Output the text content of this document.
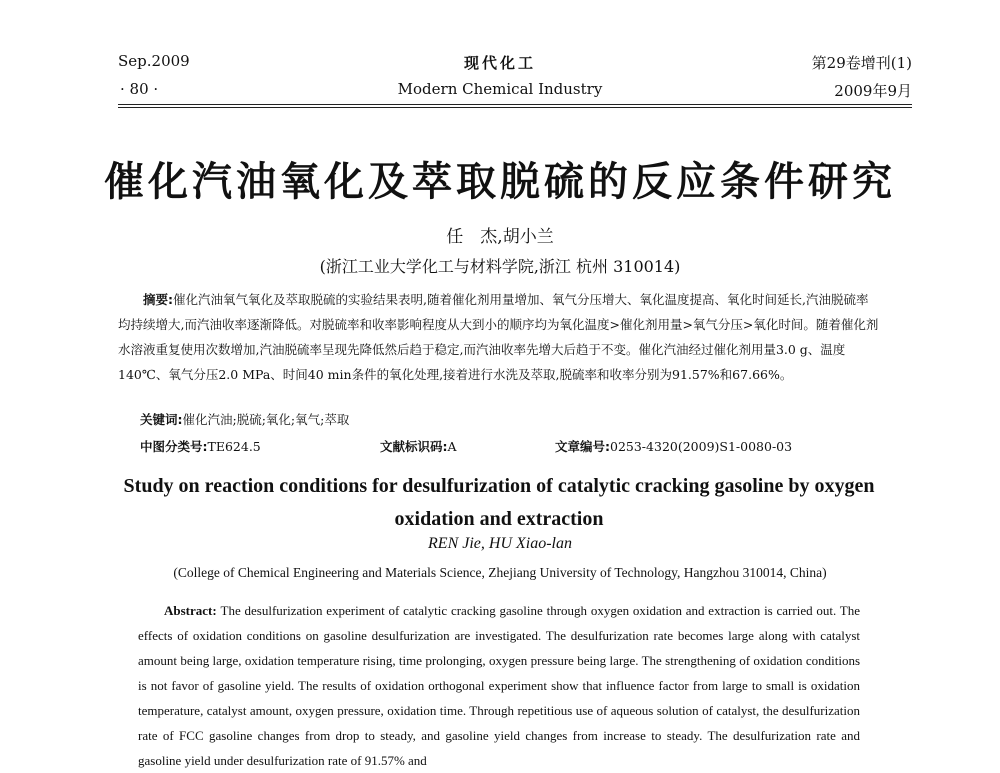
Sep.2009
· 80 ·
现代化工
Modern Chemical Industry
第29卷增刊(1)
2009年9月
催化汽油氧化及萃取脱硫的反应条件研究
任　杰,胡小兰
(浙江工业大学化工与材料学院,浙江 杭州 310014)
摘要:催化汽油氧气氧化及萃取脱硫的实验结果表明,随着催化剂用量增加、氧气分压增大、氧化温度提高、氧化时间延长,汽油脱硫率均持续增大,而汽油收率逐渐降低。对脱硫率和收率影响程度从大到小的顺序均为氧化温度>催化剂用量>氧气分压>氧化时间。随着催化剂水溶液重复使用次数增加,汽油脱硫率呈现先降低然后趋于稳定,而汽油收率先增大后趋于不变。催化汽油经过催化剂用量3.0 g、温度140℃、氧气分压2.0 MPa、时间40 min条件的氧化处理,接着进行水洗及萃取,脱硫率和收率分别为91.57%和67.66%。
关键词:催化汽油;脱硫;氧化;氧气;萃取
中图分类号:TE624.5	文献标识码:A	文章编号:0253-4320(2009)S1-0080-03
Study on reaction conditions for desulfurization of catalytic cracking gasoline by oxygen oxidation and extraction
REN Jie, HU Xiao-lan
(College of Chemical Engineering and Materials Science, Zhejiang University of Technology, Hangzhou 310014, China)
Abstract: The desulfurization experiment of catalytic cracking gasoline through oxygen oxidation and extraction is carried out. The effects of oxidation conditions on gasoline desulfurization are investigated. The desulfurization rate becomes large along with catalyst amount being large, oxidation temperature rising, time prolonging, oxygen pressure being large. The strengthening of oxidation conditions is not favor of gasoline yield. The results of oxidation orthogonal experiment show that influence factor from large to small is oxidation temperature, catalyst amount, oxygen pressure, oxidation time. Through repetitious use of aqueous solution of catalyst, the desulfurization rate of FCC gasoline changes from drop to steady, and gasoline yield changes from increase to steady. The desulfurization rate and gasoline yield under desulfurization rate of 91.57% and
